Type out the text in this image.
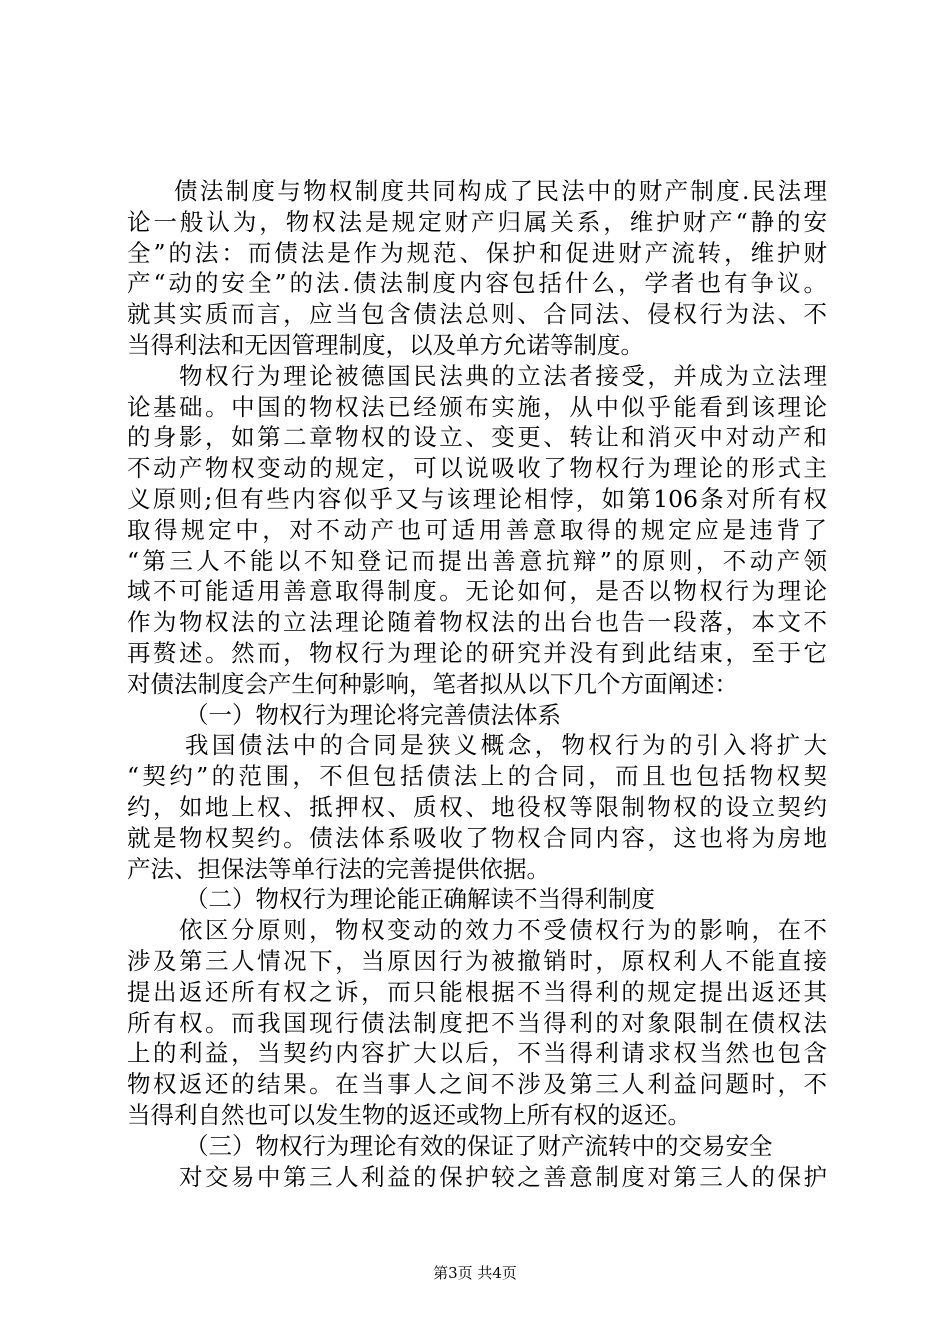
债法制度与物权制度共同构成了民法中的财产制度.民法理
论一般认为，物权法是规定财产归属关系，维护财产“静的安
全”的法：而债法是作为规范、保护和促进财产流转，维护财
产“动的安全”的法.债法制度内容包括什么，学者也有争议。
就其实质而言，应当包含债法总则、合同法、侵权行为法、不
当得利法和无因管理制度，以及单方允诺等制度。
物权行为理论被德国民法典的立法者接受，并成为立法理
论基础。中国的物权法已经颁布实施，从中似乎能看到该理论
的身影，如第二章物权的设立、变更、转让和消灭中对动产和
不动产物权变动的规定，可以说吸收了物权行为理论的形式主
义原则;但有些内容似乎又与该理论相悖，如第106条对所有权
取得规定中，对不动产也可适用善意取得的规定应是违背了
“第三人不能以不知登记而提出善意抗辩”的原则，不动产领
域不可能适用善意取得制度。无论如何，是否以物权行为理论
作为物权法的立法理论随着物权法的出台也告一段落，本文不
再赘述。然而，物权行为理论的研究并没有到此结束，至于它
对债法制度会产生何种影响，笔者拟从以下几个方面阐述：
（一）物权行为理论将完善债法体系
我国债法中的合同是狭义概念，物权行为的引入将扩大
“契约”的范围，不但包括债法上的合同，而且也包括物权契
约，如地上权、抵押权、质权、地役权等限制物权的设立契约
就是物权契约。债法体系吸收了物权合同内容，这也将为房地
产法、担保法等单行法的完善提供依据。
（二）物权行为理论能正确解读不当得利制度
依区分原则，物权变动的效力不受债权行为的影响，在不
涉及第三人情况下，当原因行为被撤销时，原权利人不能直接
提出返还所有权之诉，而只能根据不当得利的规定提出返还其
所有权。而我国现行债法制度把不当得利的对象限制在债权法
上的利益，当契约内容扩大以后，不当得利请求权当然也包含
物权返还的结果。在当事人之间不涉及第三人利益问题时，不
当得利自然也可以发生物的返还或物上所有权的返还。
（三）物权行为理论有效的保证了财产流转中的交易安全
对交易中第三人利益的保护较之善意制度对第三人的保护
第3页 共4页
